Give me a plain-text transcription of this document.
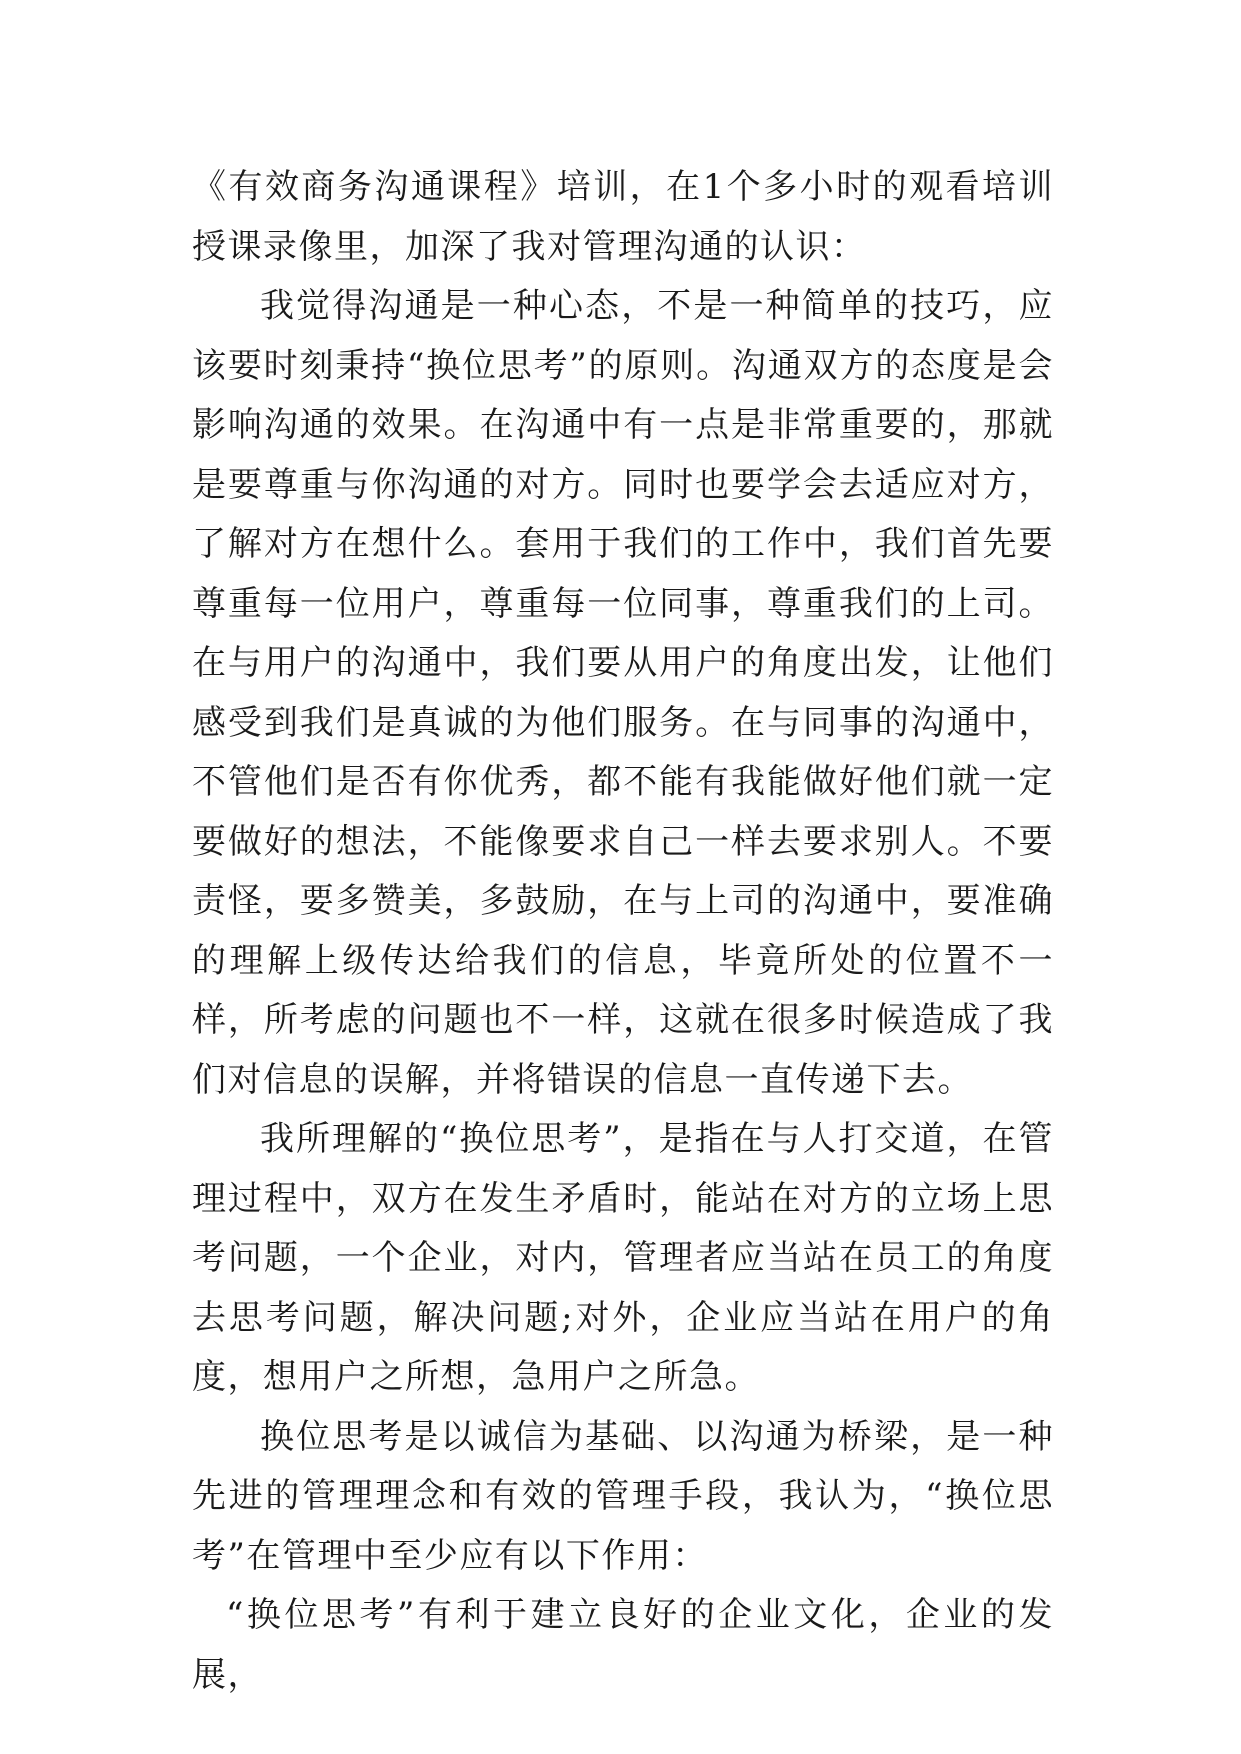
《有效商务沟通课程》培训，在1个多小时的观看培训授课录像里，加深了我对管理沟通的认识：

我觉得沟通是一种心态，不是一种简单的技巧，应该要时刻秉持“换位思考”的原则。沟通双方的态度是会影响沟通的效果。在沟通中有一点是非常重要的，那就是要尊重与你沟通的对方。同时也要学会去适应对方，了解对方在想什么。套用于我们的工作中，我们首先要尊重每一位用户，尊重每一位同事，尊重我们的上司。在与用户的沟通中，我们要从用户的角度出发，让他们感受到我们是真诚的为他们服务。在与同事的沟通中，不管他们是否有你优秀，都不能有我能做好他们就一定要做好的想法，不能像要求自己一样去要求别人。不要责怪，要多赞美，多鼓励，在与上司的沟通中，要准确的理解上级传达给我们的信息，毕竟所处的位置不一样，所考虑的问题也不一样，这就在很多时候造成了我们对信息的误解，并将错误的信息一直传递下去。

我所理解的“换位思考”，是指在与人打交道，在管理过程中，双方在发生矛盾时，能站在对方的立场上思考问题，一个企业，对内，管理者应当站在员工的角度去思考问题，解决问题;对外，企业应当站在用户的角度，想用户之所想，急用户之所急。

换位思考是以诚信为基础、以沟通为桥梁，是一种先进的管理理念和有效的管理手段，我认为，“换位思考”在管理中至少应有以下作用：

“换位思考”有利于建立良好的企业文化，企业的发展，
